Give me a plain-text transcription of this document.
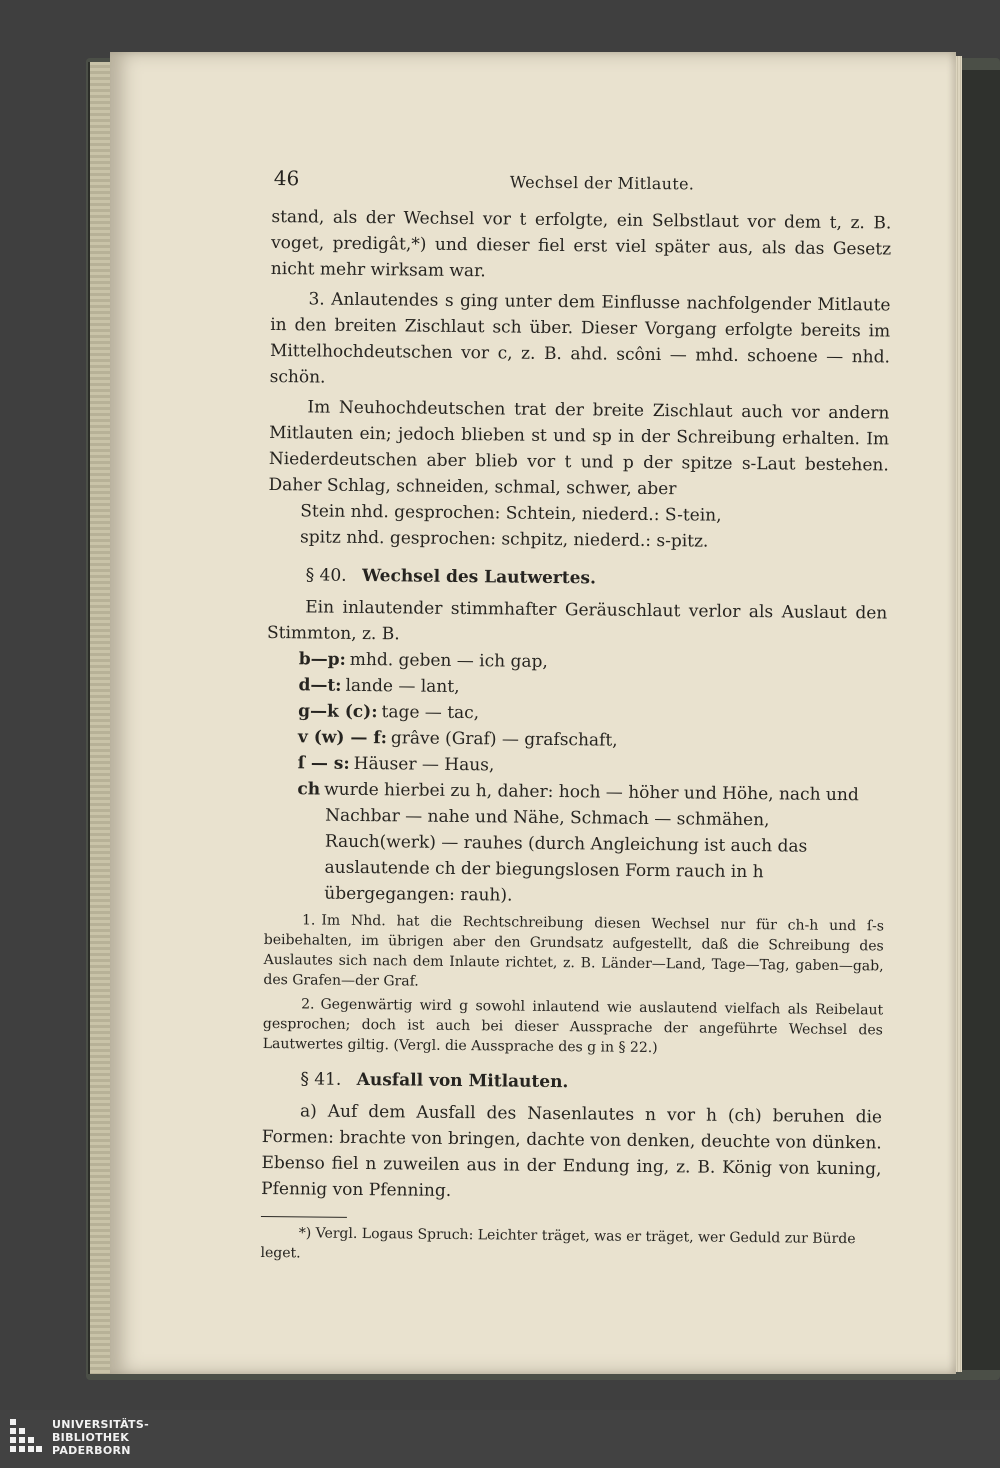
46	Wechsel der Mitlaute.

stand, als der Wechsel vor t erfolgte, ein Selbstlaut vor dem t, z. B. voget, predigât,*) und dieser fiel erst viel später aus, als das Gesetz nicht mehr wirksam war.

3. Anlautendes s ging unter dem Einflusse nachfolgender Mitlaute in den breiten Zischlaut sch über. Dieser Vorgang erfolgte bereits im Mittelhochdeutschen vor c, z. B. ahd. scôni — mhd. schoene — nhd. schön.

Im Neuhochdeutschen trat der breite Zischlaut auch vor andern Mitlauten ein; jedoch blieben st und sp in der Schreibung erhalten. Im Niederdeutschen aber blieb vor t und p der spitze s-Laut bestehen. Daher Schlag, schneiden, schmal, schwer, aber

Stein nhd. gesprochen: Schtein, niederd.: S-tein,

spitz nhd. gesprochen: schpitz, niederd.: s-pitz.

§ 40. Wechsel des Lautwertes.

Ein inlautender stimmhafter Geräuschlaut verlor als Auslaut den Stimmton, z. B.

b—p: mhd. geben — ich gap,
d—t: lande — lant,
g—k (c): tage — tac,
v (w) — f: grâve (Graf) — grafschaft,
ſ — s: Häuser — Haus,
ch wurde hierbei zu h, daher: hoch — höher und Höhe, nach und Nachbar — nahe und Nähe, Schmach — schmähen, Rauch(werk) — rauhes (durch Angleichung ist auch das auslautende ch der biegungslosen Form rauch in h übergegangen: rauh).

1. Im Nhd. hat die Rechtschreibung diesen Wechsel nur für ch-h und ſ-s beibehalten, im übrigen aber den Grundsatz aufgestellt, daß die Schreibung des Auslautes sich nach dem Inlaute richtet, z. B. Länder—Land, Tage—Tag, gaben—gab, des Grafen—der Graf.

2. Gegenwärtig wird g sowohl inlautend wie auslautend vielfach als Reibelaut gesprochen; doch ist auch bei dieser Aussprache der angeführte Wechsel des Lautwertes giltig. (Vergl. die Aussprache des g in § 22.)

§ 41. Ausfall von Mitlauten.

a) Auf dem Ausfall des Nasenlautes n vor h (ch) beruhen die Formen: brachte von bringen, dachte von denken, deuchte von dünken. Ebenso fiel n zuweilen aus in der Endung ing, z. B. König von kuning, Pfennig von Pfenning.

*) Vergl. Logaus Spruch: Leichter träget, was er träget, wer Geduld zur Bürde leget.

UNIVERSITÄTS-
BIBLIOTHEK
PADERBORN
